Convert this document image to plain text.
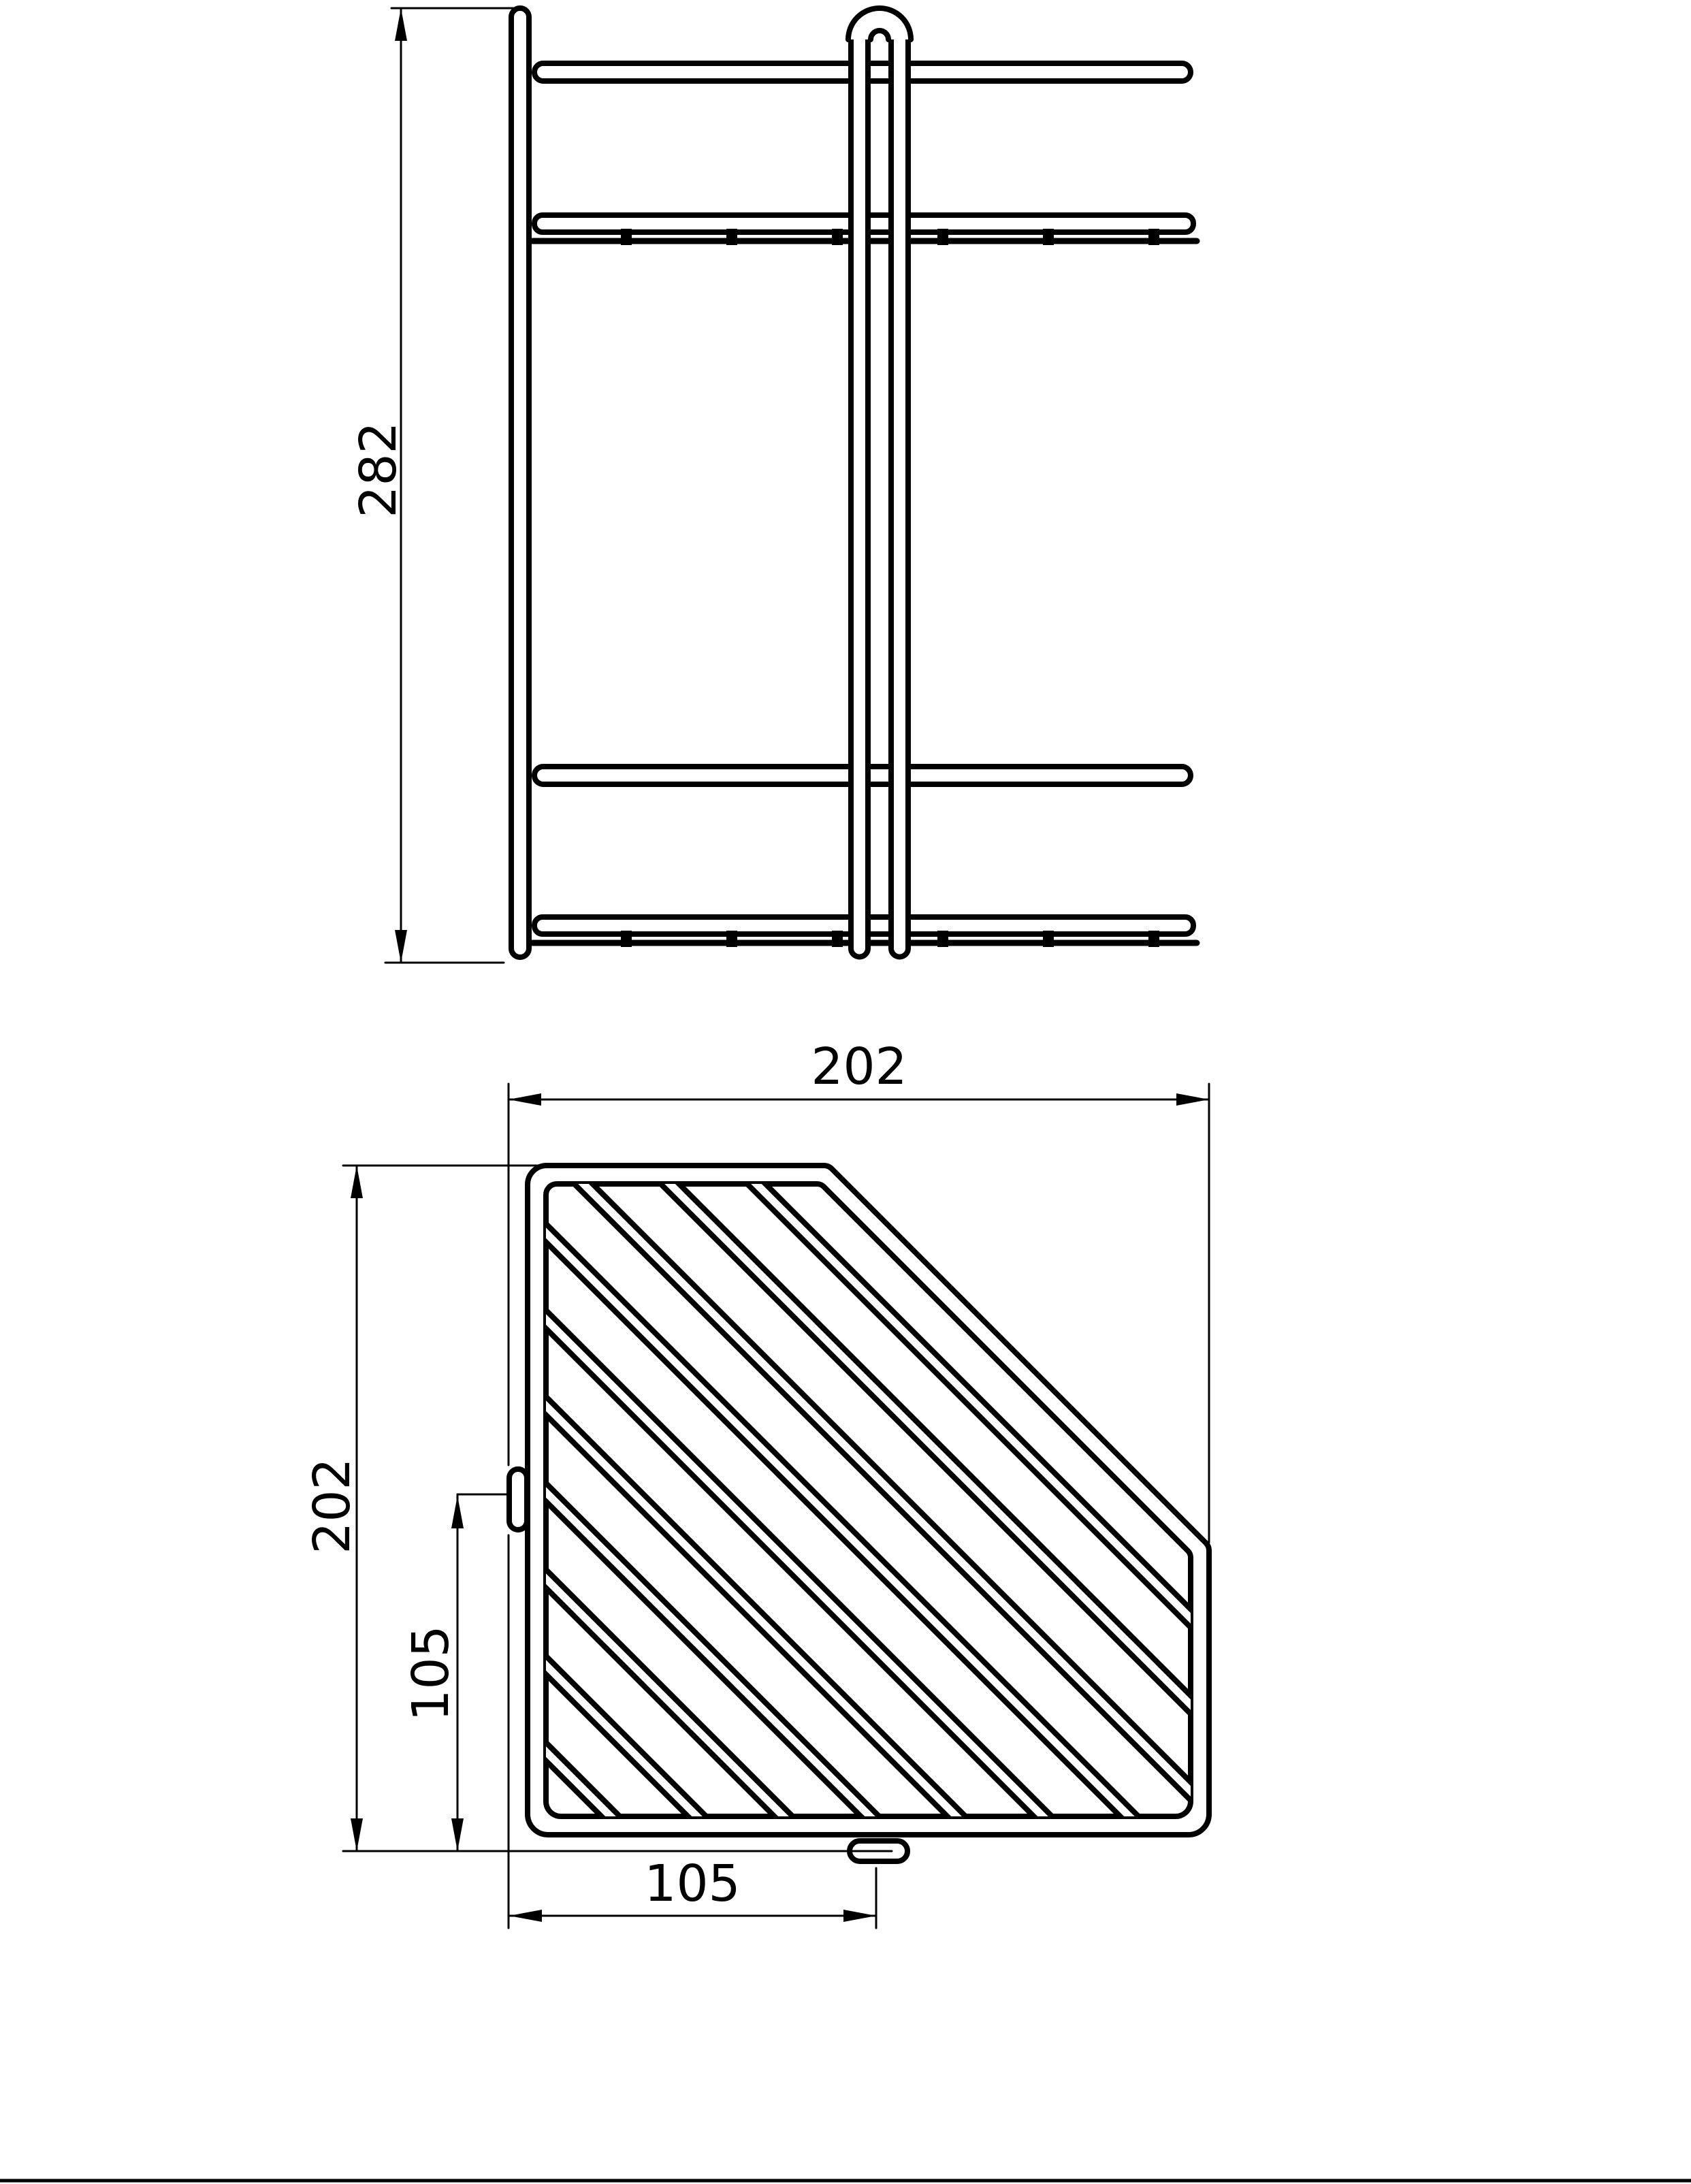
282
202
202
105
105
